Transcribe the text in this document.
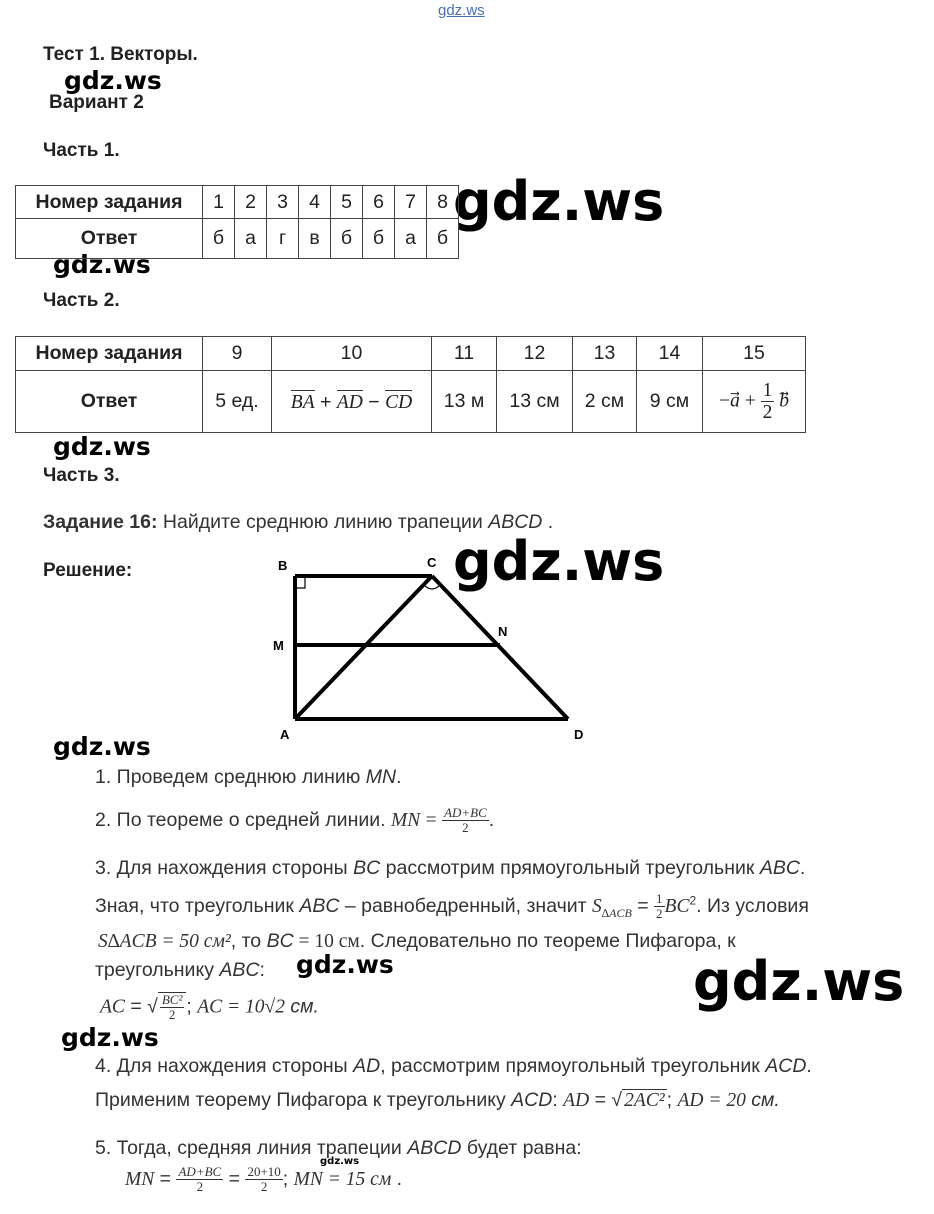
gdz.ws
gdz.ws
gdz.ws
gdz.ws
gdz.ws
gdz.ws
gdz.ws
gdz.ws	gdz.ws
gdz.ws
gdz.ws
Тест 1. Векторы.
Вариант 2
Часть 1.
Номер задания	1	2	3	4	5	6	7	8
Ответ	б	а	г	в	б	б	а	б
Часть 2.
Номер задания	9	10	11	12	13	14	15
Ответ	5 ед.	BA + AD − CD	13 м	13 см	2 см	9 см	−a⃗ + $\frac{1}{2}$ b
Часть 3.
Задание 16: Найдите среднюю линию трапеции ABCD .
Решение:	B	C
M
N
A	D
1. Проведем среднюю линию MN.
2. По теореме о средней линии. MN = $\frac{AD+BC}{2}$ .
3. Для нахождения стороны BC рассмотрим прямоугольный треугольник ABC.
Зная, что треугольник ABC – равнобедренный, значит $S_{\Delta ACB} = \frac{1}{2} BC^2$. Из условия
S∆ACB = 50 см², то BC = 10 см. Следовательно по теореме Пифагора, к
треугольнику ABC:
AC = √ $\frac{\text{BC²}}{2}$ ; AC = 10√2 см.
4. Для нахождения стороны AD, рассмотрим прямоугольный треугольник ACD.
Применим теорему Пифагора к треугольнику ACD: AD = √ 2AC² ; AD = 20 см.
5. Тогда, средняя линия трапеции ABCD будет равна:
MN = $\frac{AD+BC}{2} = \frac{20+10}{2}$ ; MN = 15 см .
